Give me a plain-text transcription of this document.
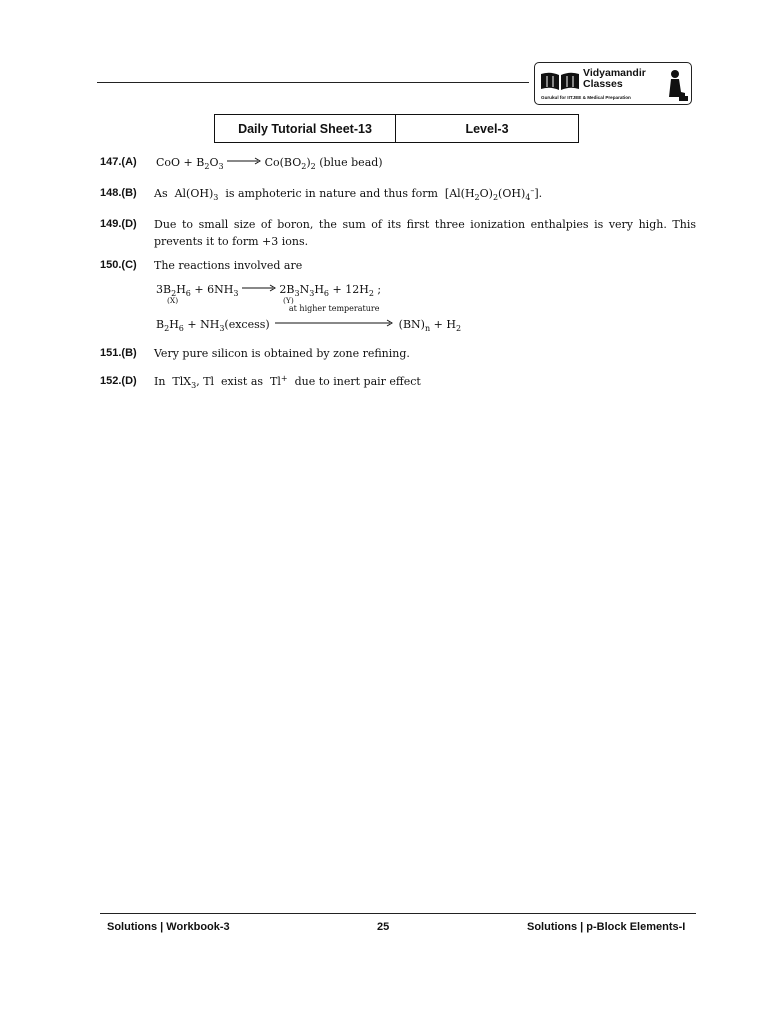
Vidyamandir
Classes
Gurukul for IITJEE & Medical Preparation
Daily Tutorial Sheet-13	Level-3
147.(A) CoO + $B_2O_3 \to Co(BO_2)_2$ (blue bead)
148.(B) As  $Al(OH)_3$  is amphoteric in nature and thus form  $[Al(H_2O)_2(OH)_4^-]$.
149.(D) Due to small size of boron, the sum of its first three ionization enthalpies is very high. This prevents it to form +3 ions.
150.(C) The reactions involved are
$3B_2H_6 + 6NH_3 \to 2B_3N_3H_6 + 12H_2$ ;
(X)	(Y)
$B_2H_6$ + $NH_3(excess)$
at higher temperature
$(BN)_n + H_2$
151.(B) Very pure silicon is obtained by zone refining.
152.(D) In  TlX$_3$, Tl  exist as  Tl+  due to inert pair effect
Solutions | Workbook-3	25	Solutions | p-Block Elements-I
